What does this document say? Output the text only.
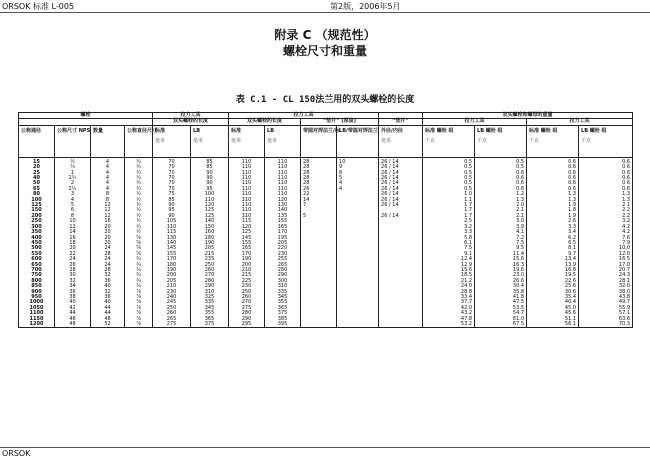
ORSOK 标准 L-005	第2版，2006年5月
附录 C （规范性）
螺栓尺寸和重量
表 C.1 - CL 150法兰用的双头螺栓的长度
螺栓				拉力工具		拉力工具					双头螺栓和螺母的重量			
				双头螺栓的长度		双头螺栓的长度		“垫片” (厚度)		“垫片”	拉力工具		拉力工具	
公称通径	公称尺寸 NPS	数量	公称直径尺寸	标准
毫米	LB
毫米	标准
毫米	LB
毫米	带圆对焊法兰/标	LB/带圆对焊法兰	外径/内径
毫米	标准 螺栓 组
千克	LB 螺栓 组
千克	标准 螺栓 组
千克	LB 螺栓 组
千克

15	½	4	½	70	85	110	110	28	10	26 / 14	0.5	0.5	0.6	0.6
20	¾	4	½	70	85	110	110	28	9	26 / 14	0.5	0.5	0.6	0.6
25	1	4	½	70	90	110	110	28	8	26 / 14	0.5	0.6	0.6	0.6
40	1½	4	½	70	90	110	110	28	5	26 / 14	0.5	0.6	0.6	0.6
50	2	4	½	70	90	110	110	28	4	26 / 14	0.5	0.6	0.6	0.6
65	2½	4	½	70	95	110	110	26	4	26 / 14	0.5	0.6	0.6	0.6
80	3	8	½	75	100	110	110	22		26 / 14	1.0	1.2	1.3	1.3
100	4	8	½	85	110	110	120	14		26 / 14	1.1	1.3	1.3	1.3
125	5	12	½	90	120	110	130	7		26 / 14	1.7	2.0	1.9	2.1
150	6	12	½	95	125	110	140				1.7	2.1	1.8	2.2
200	8	12	½	90	125	110	135	5		26 / 14	1.7	2.1	1.9	2.2
250	10	16	½	105	140	115	155				2.5	3.0	2.6	3.2
300	12	20	½	110	150	120	165				3.2	3.9	3.3	4.2
350	14	20	½	115	160	125	170				3.3	4.1	3.4	4.2
400	16	20	⅝	130	180	145	195				5.8	7.2	6.2	7.6
450	18	20	⅝	140	190	155	205				6.1	7.5	6.5	7.9
500	20	24	⅝	145	205	165	220				7.5	9.5	8.1	10.0
550	22	28	⅝	155	215	170	230				9.1	11.4	9.7	12.0
600	24	24	¾	170	235	190	255				12.4	15.6	13.4	16.5
650	26	24	¾	180	250	200	265				12.9	16.3	13.9	17.0
700	28	28	¾	190	260	210	280				15.6	19.6	16.8	20.7
750	30	32	¾	200	270	215	290				18.5	23.0	19.5	24.3
800	32	36	¾	205	280	225	300				21.2	26.6	22.6	28.1
850	34	40	¾	210	290	230	310				24.0	30.4	25.6	32.0
900	36	32	⅞	230	310	250	335				28.8	35.8	30.6	38.0
950	38	36	⅞	240	325	260	345				33.4	41.8	35.4	43.8
1000	40	40	⅞	245	335	270	355				37.7	47.5	40.4	49.7
1050	42	44	⅞	250	345	275	365				42.0	53.5	45.0	55.9
1100	44	44	⅞	260	355	280	375				43.2	54.7	45.6	57.1
1150	46	48	⅞	265	365	290	385				47.8	61.0	51.1	63.6
1200	48	52	⅞	275	375	295	395				53.2	67.5	56.1	70.3
ORSOK
